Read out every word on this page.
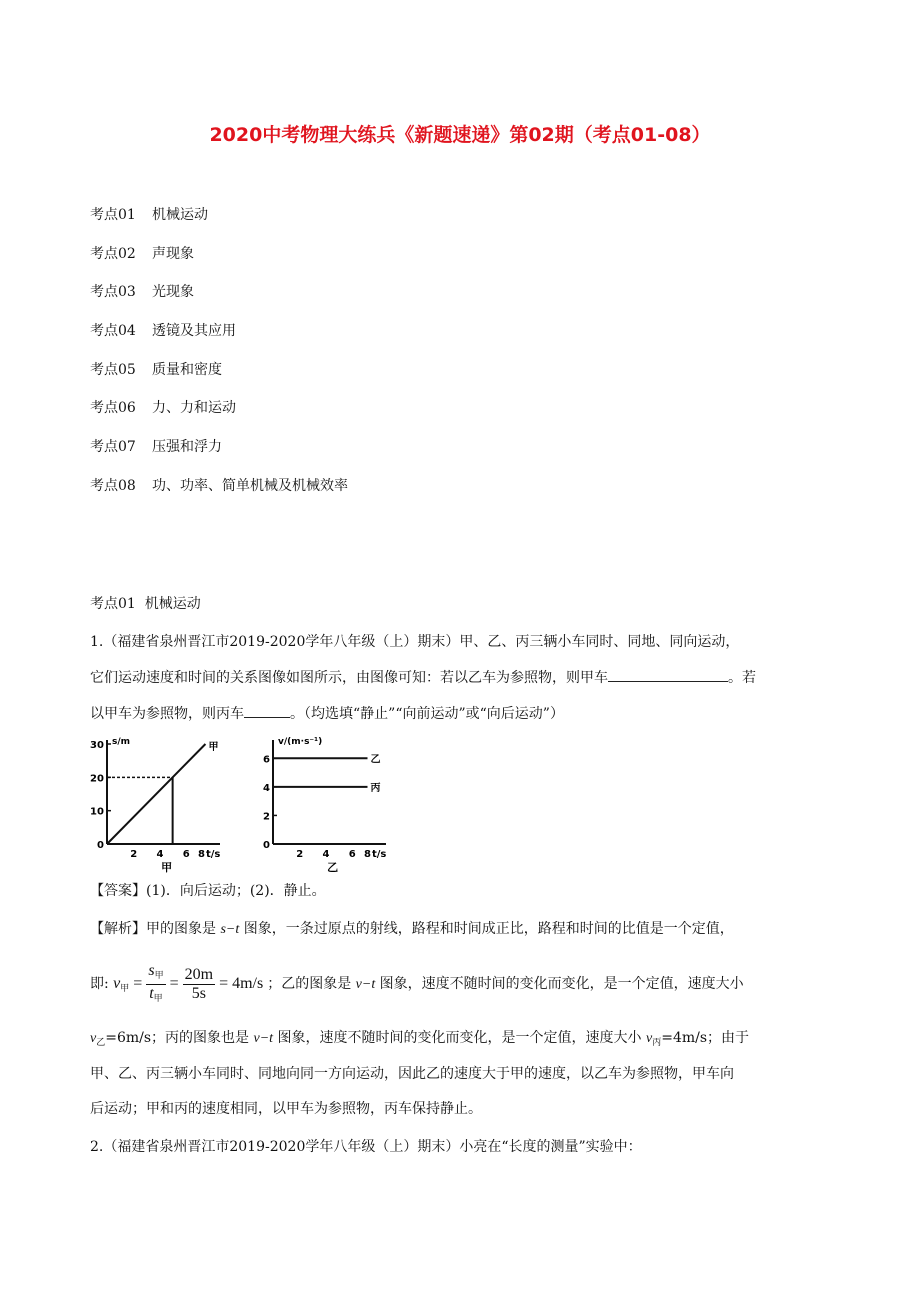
2020中考物理大练兵《新题速递》第02期（考点01-08）
考点01 机械运动
考点02 声现象
考点03 光现象
考点04 透镜及其应用
考点05 质量和密度
考点06 力、力和运动
考点07 压强和浮力
考点08 功、功率、简单机械及机械效率
考点01 机械运动
1.（福建省泉州晋江市2019-2020学年八年级（上）期末）甲、乙、丙三辆小车同时、同地、同向运动，
它们运动速度和时间的关系图像如图所示，由图像可知：若以乙车为参照物，则甲车	。若
以甲车为参照物，则丙车	。（均选填“静止”“向前运动”或“向后运动”）
s/m
t/s
2 4 6 8
0
10
20
30	甲
甲
v/(m·s⁻¹)
t/s
2 4 6 8
0
2
4
6	乙
丙
乙
【答案】(1)．向后运动；(2)．静止。
【解析】甲的图象是 s−t 图象，一条过原点的射线，路程和时间成正比，路程和时间的比值是一个定值，
即: $v_甲 = \frac{s_甲}{t_甲} = \frac{20m}{5s} = 4m/s$ ；乙的图象是 v−t 图象，速度不随时间的变化而变化，是一个定值，速度大小
$v_乙=6m/s$；丙的图象也是 v−t 图象，速度不随时间的变化而变化，是一个定值，速度大小 $v_丙=4m/s$；由于
甲、乙、丙三辆小车同时、同地向同一方向运动，因此乙的速度大于甲的速度，以乙车为参照物，甲车向
后运动；甲和丙的速度相同，以甲车为参照物，丙车保持静止。
2.（福建省泉州晋江市2019-2020学年八年级（上）期末）小亮在“长度的测量”实验中：
